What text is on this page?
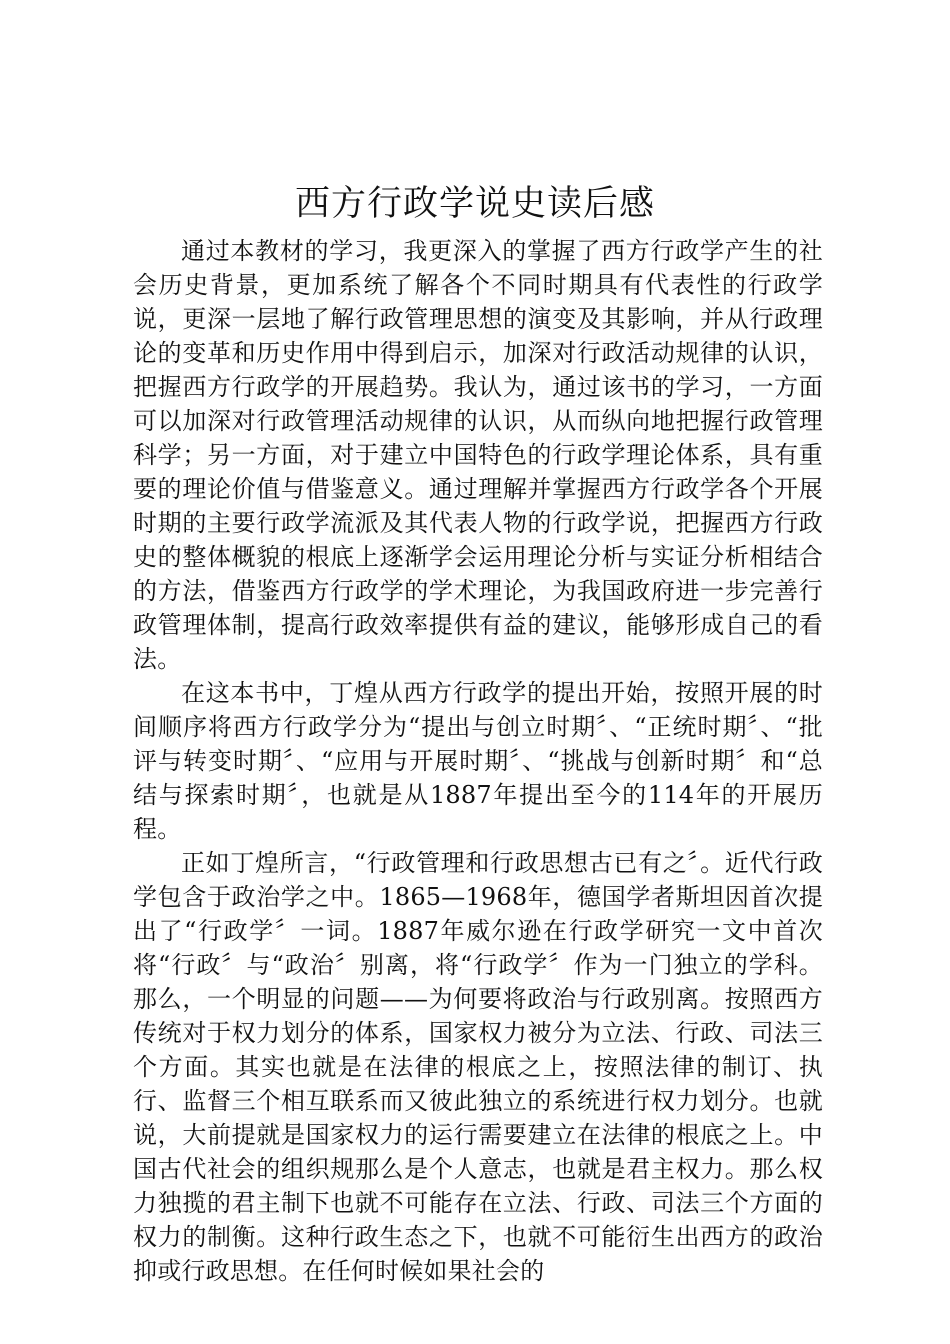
西方行政学说史读后感

通过本教材的学习，我更深入的掌握了西方行政学产生的社会历史背景，更加系统了解各个不同时期具有代表性的行政学说，更深一层地了解行政管理思想的演变及其影响，并从行政理论的变革和历史作用中得到启示，加深对行政活动规律的认识，把握西方行政学的开展趋势。我认为，通过该书的学习，一方面可以加深对行政管理活动规律的认识，从而纵向地把握行政管理科学；另一方面，对于建立中国特色的行政学理论体系，具有重要的理论价值与借鉴意义。通过理解并掌握西方行政学各个开展时期的主要行政学流派及其代表人物的行政学说，把握西方行政史的整体概貌的根底上逐渐学会运用理论分析与实证分析相结合的方法，借鉴西方行政学的学术理论，为我国政府进一步完善行政管理体制，提高行政效率提供有益的建议，能够形成自己的看法。

在这本书中，丁煌从西方行政学的提出开始，按照开展的时间顺序将西方行政学分为“提出与创立时期〞、“正统时期〞、“批评与转变时期〞、“应用与开展时期〞、“挑战与创新时期〞和“总结与探索时期〞，也就是从1887年提出至今的114年的开展历程。

正如丁煌所言，“行政管理和行政思想古已有之〞。近代行政学包含于政治学之中。1865—1968年，德国学者斯坦因首次提出了“行政学〞一词。1887年威尔逊在行政学研究一文中首次将“行政〞与“政治〞别离，将“行政学〞作为一门独立的学科。那么，一个明显的问题——为何要将政治与行政别离。按照西方传统对于权力划分的体系，国家权力被分为立法、行政、司法三个方面。其实也就是在法律的根底之上，按照法律的制订、执行、监督三个相互联系而又彼此独立的系统进行权力划分。也就说，大前提就是国家权力的运行需要建立在法律的根底之上。中国古代社会的组织规那么是个人意志，也就是君主权力。那么权力独揽的君主制下也就不可能存在立法、行政、司法三个方面的权力的制衡。这种行政生态之下，也就不可能衍生出西方的政治抑或行政思想。在任何时候如果社会的
